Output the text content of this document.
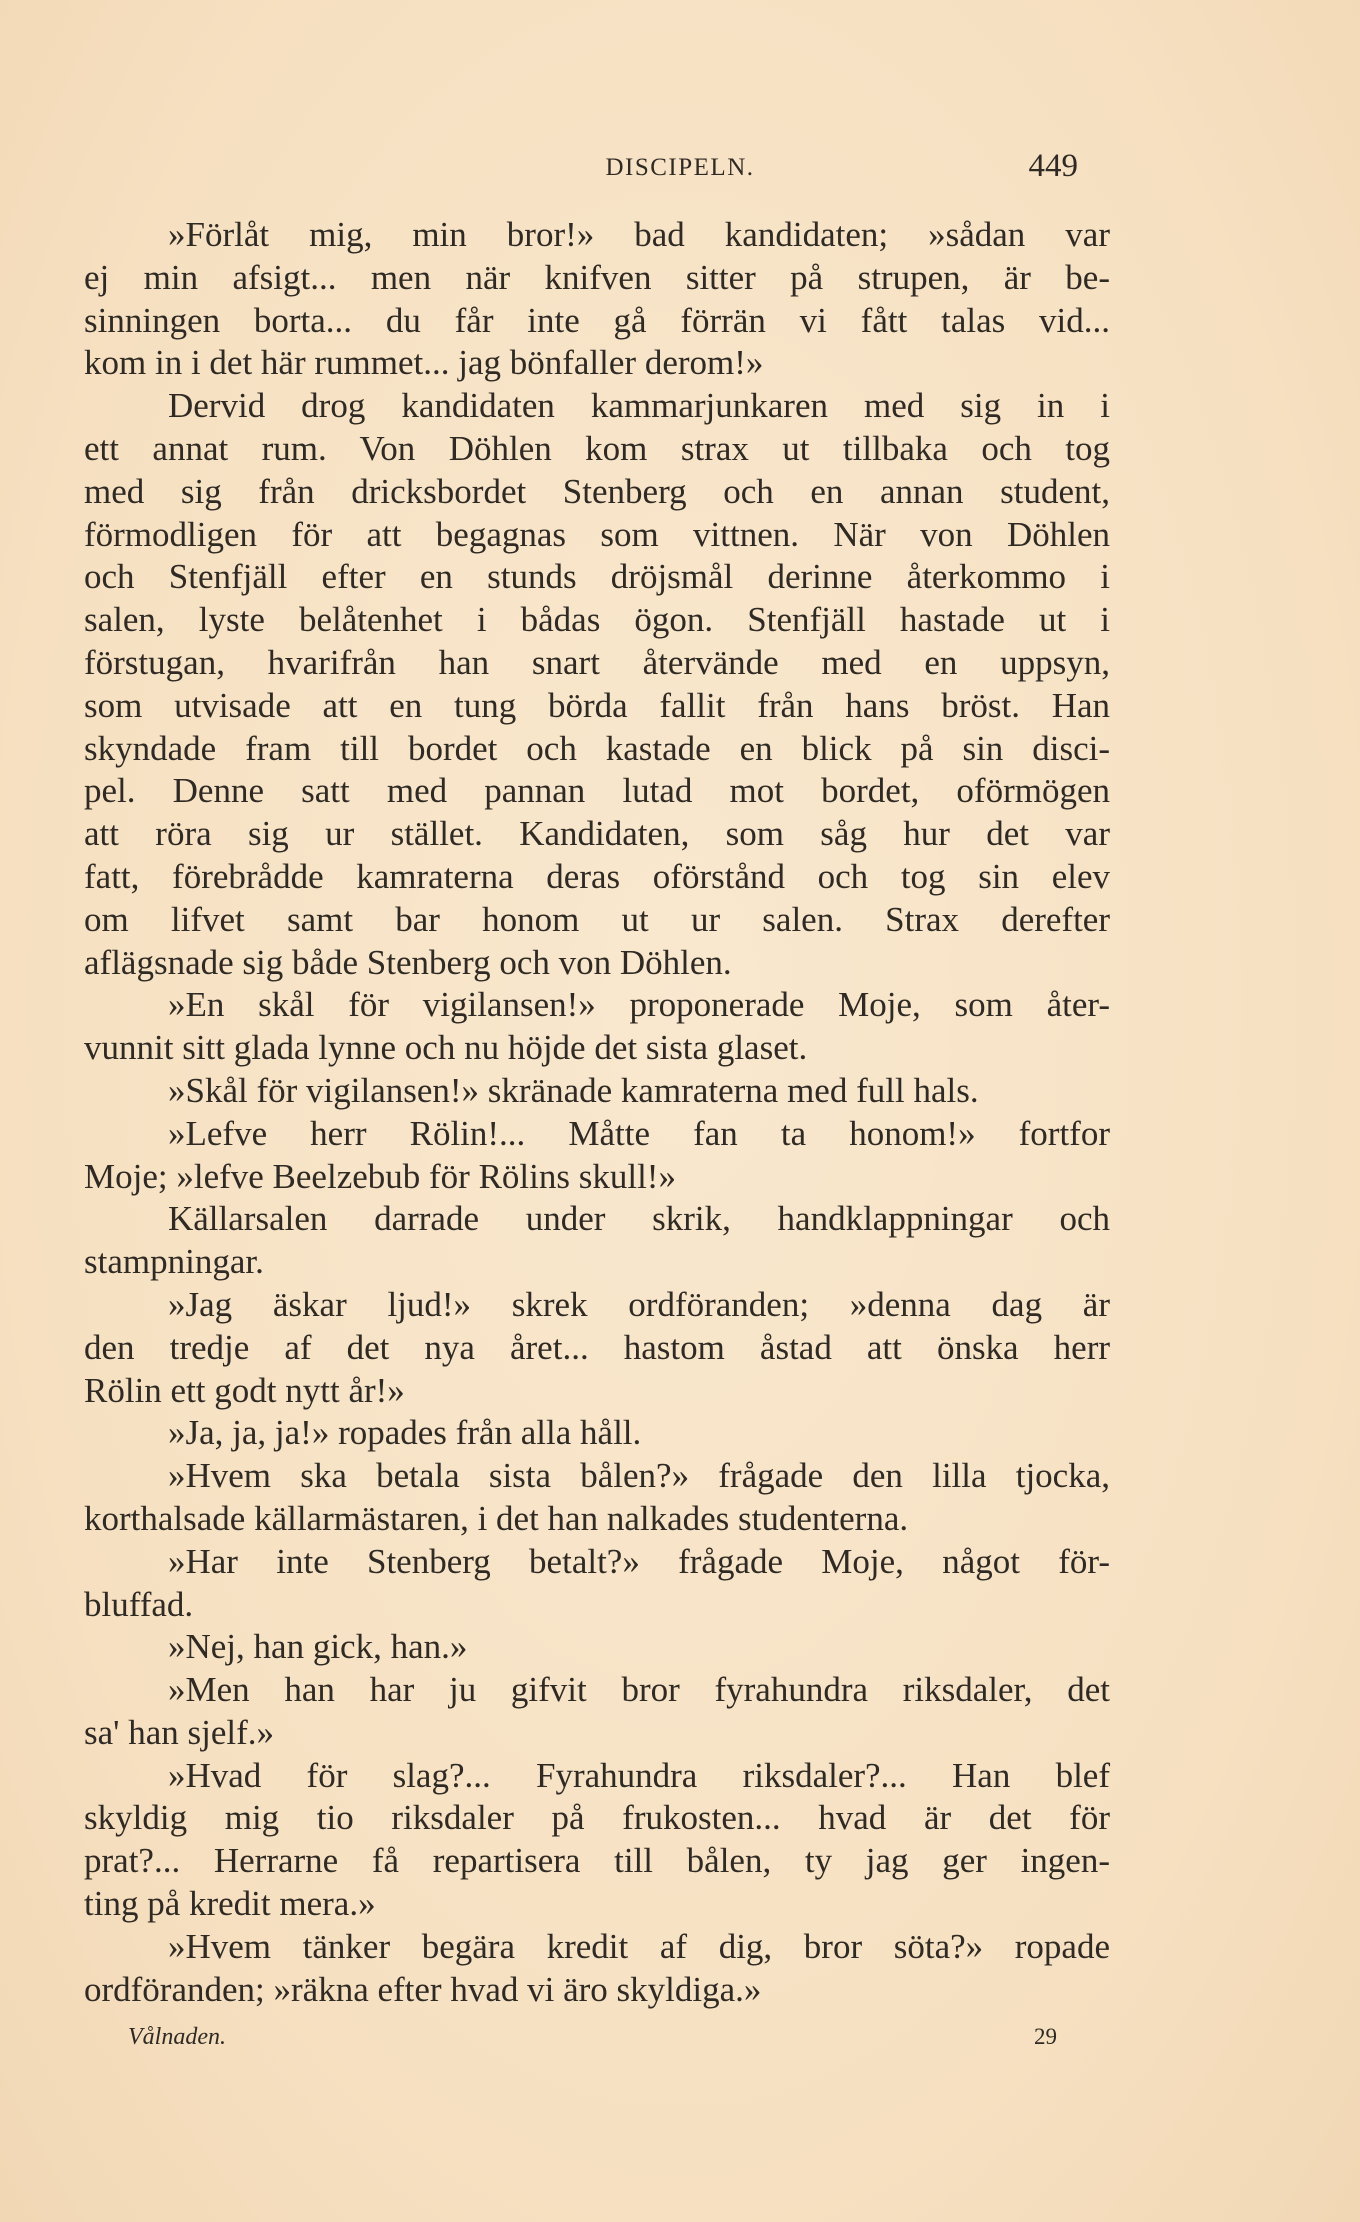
DISCIPELN.	449
»Förlåt mig, min bror!» bad kandidaten; »sådan var
ej min afsigt... men när knifven sitter på strupen, är be-
sinningen borta... du får inte gå förrän vi fått talas vid...
kom in i det här rummet... jag bönfaller derom!»
Dervid drog kandidaten kammarjunkaren med sig in i
ett annat rum. Von Döhlen kom strax ut tillbaka och tog
med sig från dricksbordet Stenberg och en annan student,
förmodligen för att begagnas som vittnen. När von Döhlen
och Stenfjäll efter en stunds dröjsmål derinne återkommo i
salen, lyste belåtenhet i bådas ögon. Stenfjäll hastade ut i
förstugan, hvarifrån han snart återvände med en uppsyn,
som utvisade att en tung börda fallit från hans bröst. Han
skyndade fram till bordet och kastade en blick på sin disci-
pel. Denne satt med pannan lutad mot bordet, oförmögen
att röra sig ur stället. Kandidaten, som såg hur det var
fatt, förebrådde kamraterna deras oförstånd och tog sin elev
om lifvet samt bar honom ut ur salen. Strax derefter
aflägsnade sig både Stenberg och von Döhlen.
»En skål för vigilansen!» proponerade Moje, som åter-
vunnit sitt glada lynne och nu höjde det sista glaset.
»Skål för vigilansen!» skränade kamraterna med full hals.
»Lefve herr Rölin!... Måtte fan ta honom!» fortfor
Moje; »lefve Beelzebub för Rölins skull!»
Källarsalen darrade under skrik, handklappningar och
stampningar.
»Jag äskar ljud!» skrek ordföranden; »denna dag är
den tredje af det nya året... hastom åstad att önska herr
Rölin ett godt nytt år!»
»Ja, ja, ja!» ropades från alla håll.
»Hvem ska betala sista bålen?» frågade den lilla tjocka,
korthalsade källarmästaren, i det han nalkades studenterna.
»Har inte Stenberg betalt?» frågade Moje, något för-
bluffad.
»Nej, han gick, han.»
»Men han har ju gifvit bror fyrahundra riksdaler, det
sa' han sjelf.»
»Hvad för slag?... Fyrahundra riksdaler?... Han blef
skyldig mig tio riksdaler på frukosten... hvad är det för
prat?... Herrarne få repartisera till bålen, ty jag ger ingen-
ting på kredit mera.»
»Hvem tänker begära kredit af dig, bror söta?» ropade
ordföranden; »räkna efter hvad vi äro skyldiga.»
Vålnaden.	29
